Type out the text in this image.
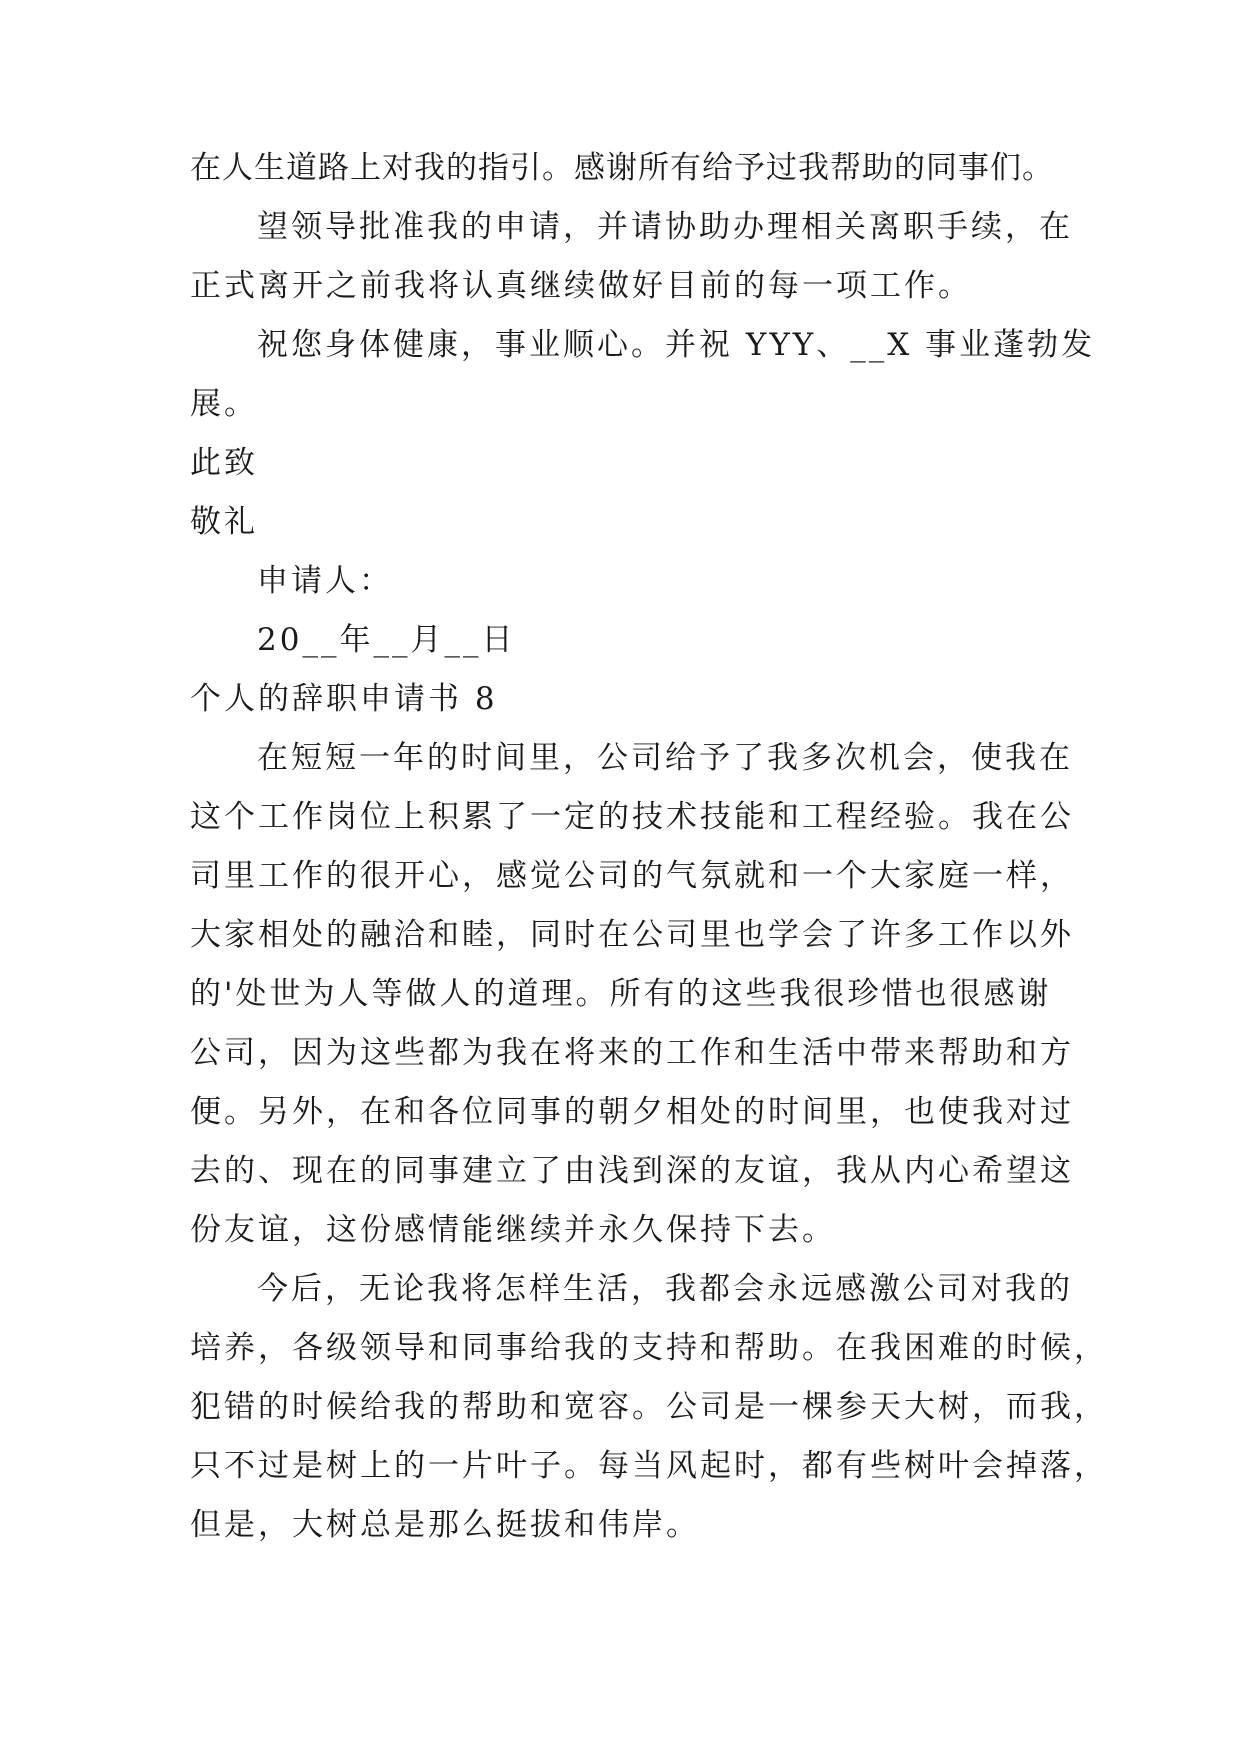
在人生道路上对我的指引。感谢所有给予过我帮助的同事们。
望领导批准我的申请，并请协助办理相关离职手续，在
正式离开之前我将认真继续做好目前的每一项工作。
祝您身体健康，事业顺心。并祝 YYY、__X 事业蓬勃发
展。
此致
敬礼
申请人：
20__年__月__日
个人的辞职申请书 8
在短短一年的时间里，公司给予了我多次机会，使我在
这个工作岗位上积累了一定的技术技能和工程经验。我在公
司里工作的很开心，感觉公司的气氛就和一个大家庭一样，
大家相处的融洽和睦，同时在公司里也学会了许多工作以外
的'处世为人等做人的道理。所有的这些我很珍惜也很感谢
公司，因为这些都为我在将来的工作和生活中带来帮助和方
便。另外，在和各位同事的朝夕相处的时间里，也使我对过
去的、现在的同事建立了由浅到深的友谊，我从内心希望这
份友谊，这份感情能继续并永久保持下去。
今后，无论我将怎样生活，我都会永远感激公司对我的
培养，各级领导和同事给我的支持和帮助。在我困难的时候，
犯错的时候给我的帮助和宽容。公司是一棵参天大树，而我，
只不过是树上的一片叶子。每当风起时，都有些树叶会掉落，
但是，大树总是那么挺拔和伟岸。
